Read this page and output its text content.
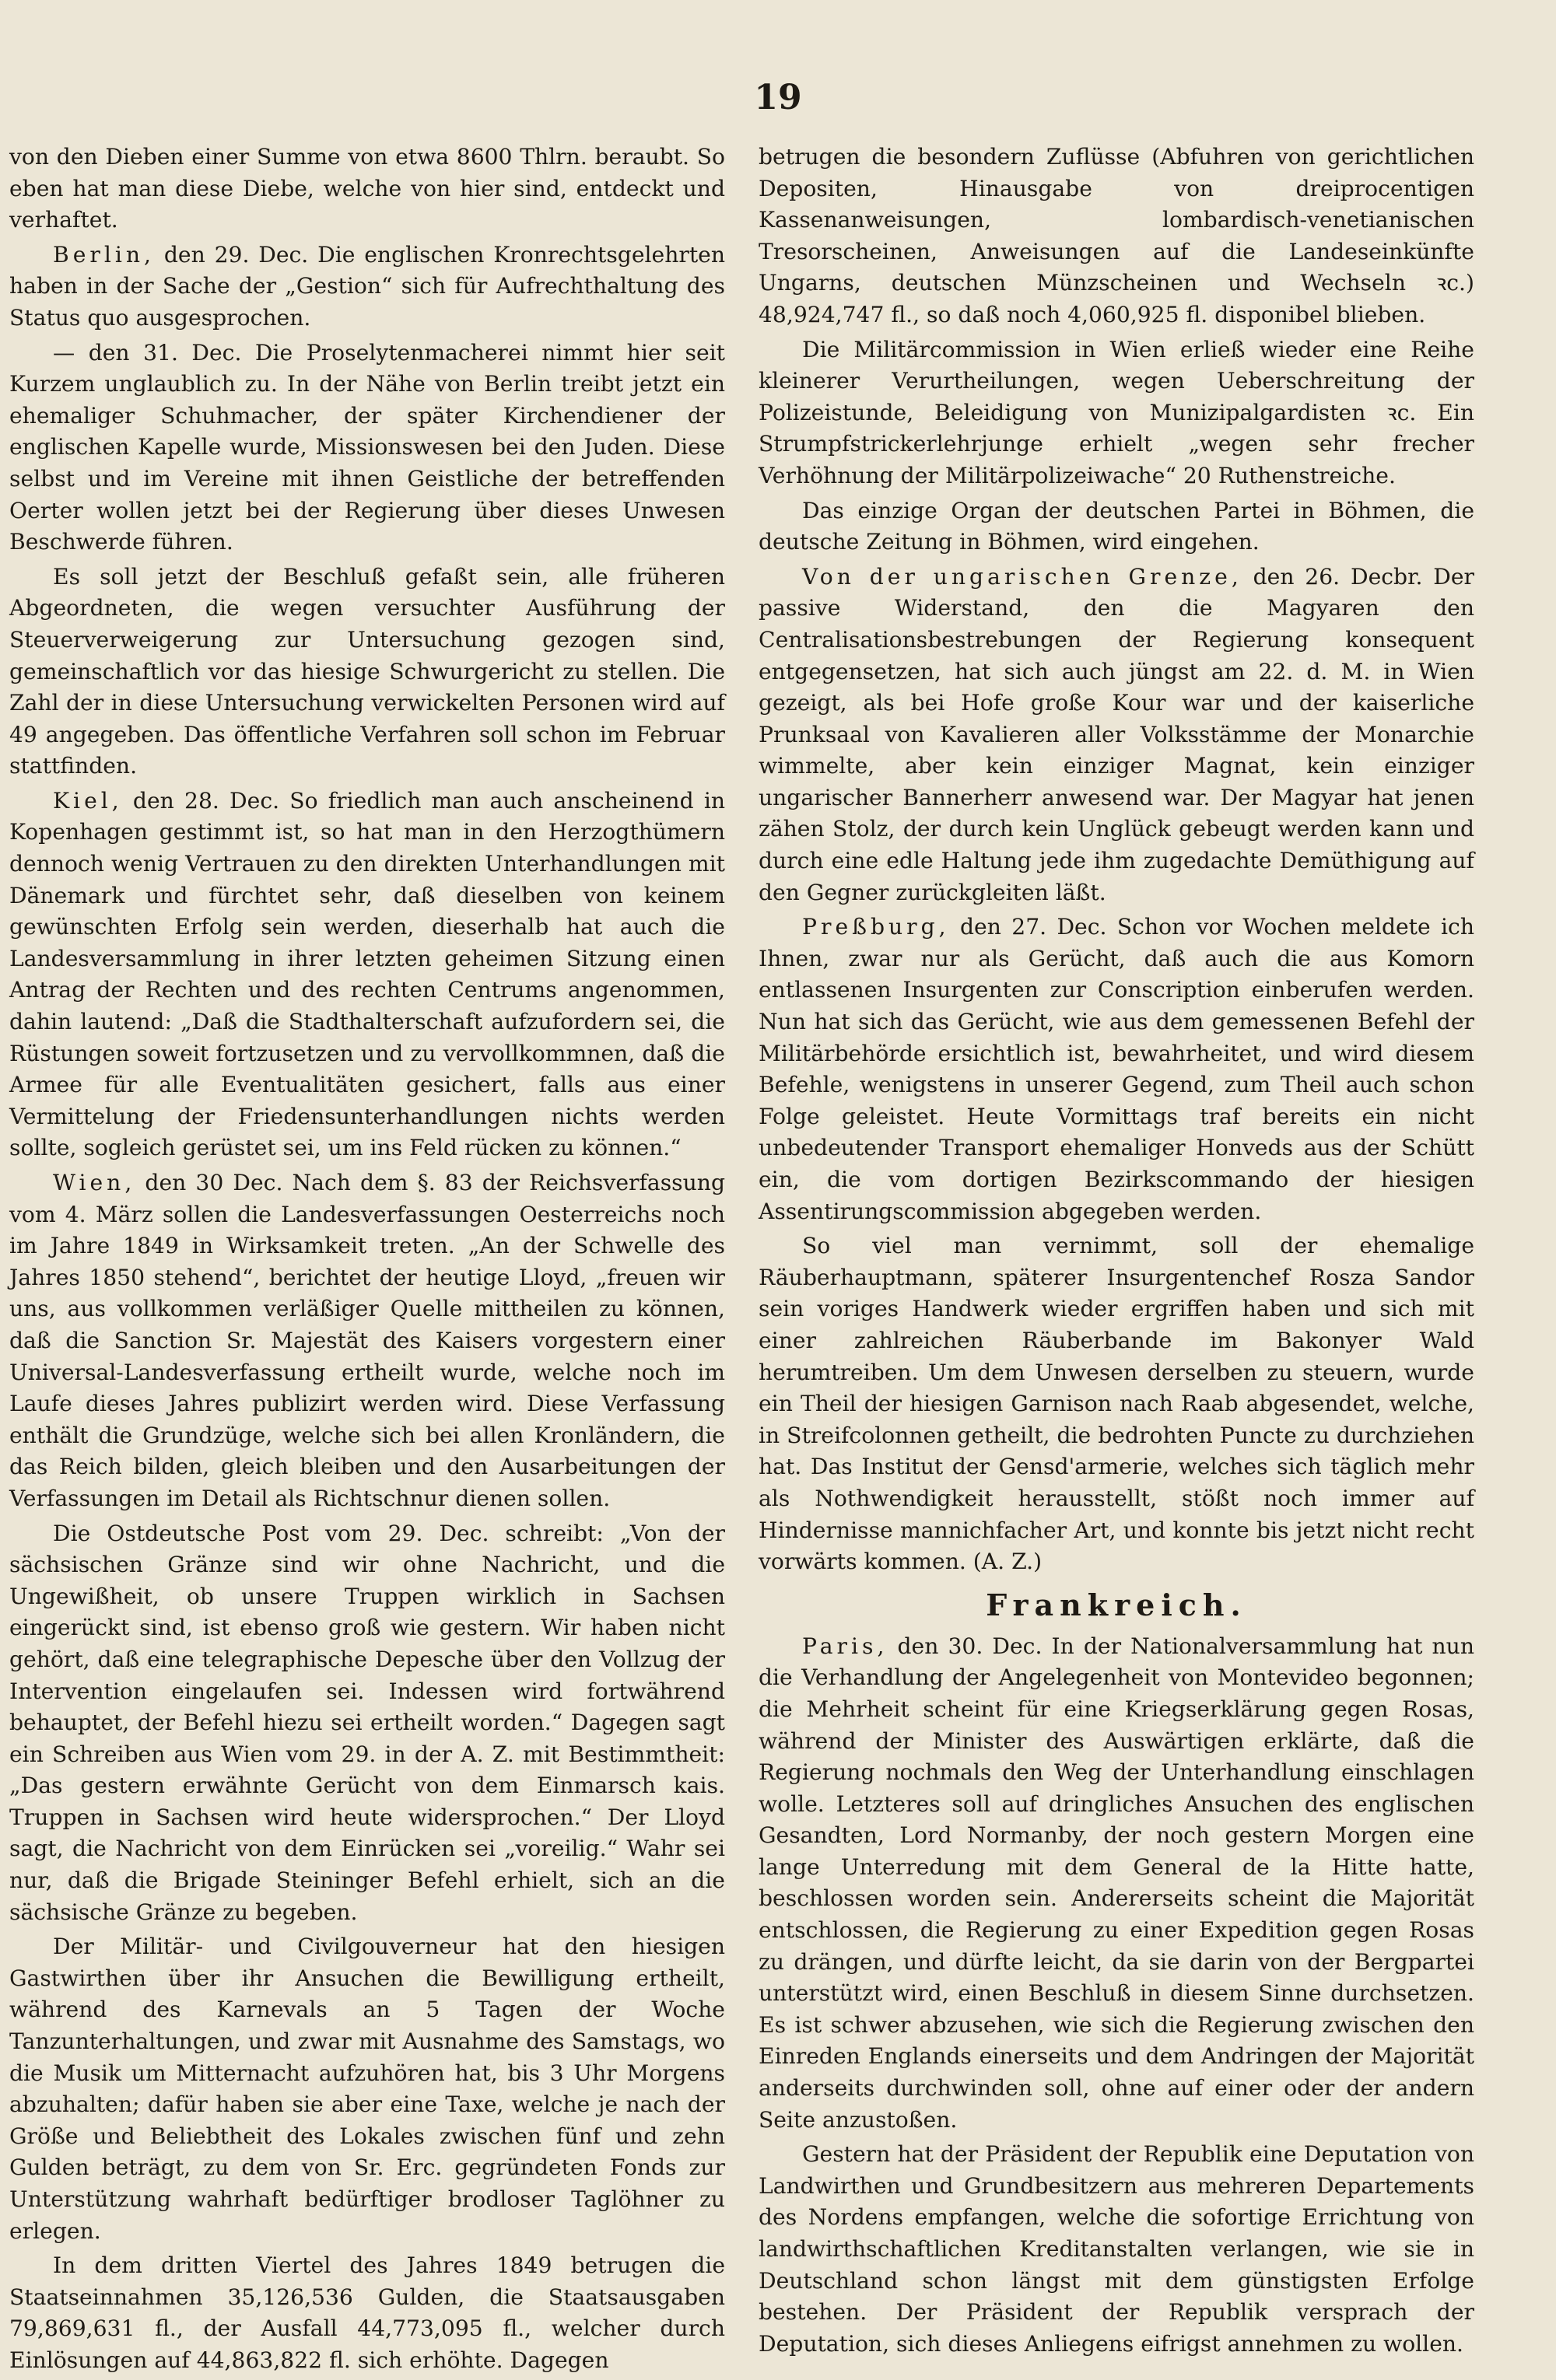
19

von den Dieben einer Summe von etwa 8600 Thlrn. beraubt. So eben hat man diese Diebe, welche von hier sind, entdeckt und verhaftet.

Berlin, den 29. Dec. Die englischen Kronrechtsgelehrten haben in der Sache der „Gestion“ sich für Aufrechthaltung des Status quo ausgesprochen.

— den 31. Dec. Die Proselytenmacherei nimmt hier seit Kurzem unglaublich zu. In der Nähe von Berlin treibt jetzt ein ehemaliger Schuhmacher, der später Kirchendiener der englischen Kapelle wurde, Missionswesen bei den Juden. Diese selbst und im Vereine mit ihnen Geistliche der betreffenden Oerter wollen jetzt bei der Regierung über dieses Unwesen Beschwerde führen.

Es soll jetzt der Beschluß gefaßt sein, alle früheren Abgeordneten, die wegen versuchter Ausführung der Steuerverweigerung zur Untersuchung gezogen sind, gemeinschaftlich vor das hiesige Schwurgericht zu stellen. Die Zahl der in diese Untersuchung verwickelten Personen wird auf 49 angegeben. Das öffentliche Verfahren soll schon im Februar stattfinden.

Kiel, den 28. Dec. So friedlich man auch anscheinend in Kopenhagen gestimmt ist, so hat man in den Herzogthümern dennoch wenig Vertrauen zu den direkten Unterhandlungen mit Dänemark und fürchtet sehr, daß dieselben von keinem gewünschten Erfolg sein werden, dieserhalb hat auch die Landesversammlung in ihrer letzten geheimen Sitzung einen Antrag der Rechten und des rechten Centrums angenommen, dahin lautend: „Daß die Stadthalterschaft aufzufordern sei, die Rüstungen soweit fortzusetzen und zu vervollkommnen, daß die Armee für alle Eventualitäten gesichert, falls aus einer Vermittelung der Friedensunterhandlungen nichts werden sollte, sogleich gerüstet sei, um ins Feld rücken zu können.“

Wien, den 30 Dec. Nach dem §. 83 der Reichsverfassung vom 4. März sollen die Landesverfassungen Oesterreichs noch im Jahre 1849 in Wirksamkeit treten. „An der Schwelle des Jahres 1850 stehend“, berichtet der heutige Lloyd, „freuen wir uns, aus vollkommen verläßiger Quelle mittheilen zu können, daß die Sanction Sr. Majestät des Kaisers vorgestern einer Universal-Landesverfassung ertheilt wurde, welche noch im Laufe dieses Jahres publizirt werden wird. Diese Verfassung enthält die Grundzüge, welche sich bei allen Kronländern, die das Reich bilden, gleich bleiben und den Ausarbeitungen der Verfassungen im Detail als Richtschnur dienen sollen.

Die Ostdeutsche Post vom 29. Dec. schreibt: „Von der sächsischen Gränze sind wir ohne Nachricht, und die Ungewißheit, ob unsere Truppen wirklich in Sachsen eingerückt sind, ist ebenso groß wie gestern. Wir haben nicht gehört, daß eine telegraphische Depesche über den Vollzug der Intervention eingelaufen sei. Indessen wird fortwährend behauptet, der Befehl hiezu sei ertheilt worden.“ Dagegen sagt ein Schreiben aus Wien vom 29. in der A. Z. mit Bestimmtheit: „Das gestern erwähnte Gerücht von dem Einmarsch kais. Truppen in Sachsen wird heute widersprochen.“ Der Lloyd sagt, die Nachricht von dem Einrücken sei „voreilig.“ Wahr sei nur, daß die Brigade Steininger Befehl erhielt, sich an die sächsische Gränze zu begeben.

Der Militär- und Civilgouverneur hat den hiesigen Gastwirthen über ihr Ansuchen die Bewilligung ertheilt, während des Karnevals an 5 Tagen der Woche Tanzunterhaltungen, und zwar mit Ausnahme des Samstags, wo die Musik um Mitternacht aufzuhören hat, bis 3 Uhr Morgens abzuhalten; dafür haben sie aber eine Taxe, welche je nach der Größe und Beliebtheit des Lokales zwischen fünf und zehn Gulden beträgt, zu dem von Sr. Erc. gegründeten Fonds zur Unterstützung wahrhaft bedürftiger brodloser Taglöhner zu erlegen.

In dem dritten Viertel des Jahres 1849 betrugen die Staatseinnahmen 35,126,536 Gulden, die Staatsausgaben 79,869,631 fl., der Ausfall 44,773,095 fl., welcher durch Einlösungen auf 44,863,822 fl. sich erhöhte. Dagegen

betrugen die besondern Zuflüsse (Abfuhren von gerichtlichen Depositen, Hinausgabe von dreiprocentigen Kassenanweisungen, lombardisch-venetianischen Tresorscheinen, Anweisungen auf die Landeseinkünfte Ungarns, deutschen Münzscheinen und Wechseln ꝛc.) 48,924,747 fl., so daß noch 4,060,925 fl. disponibel blieben.

Die Militärcommission in Wien erließ wieder eine Reihe kleinerer Verurtheilungen, wegen Ueberschreitung der Polizeistunde, Beleidigung von Munizipalgardisten ꝛc. Ein Strumpfstrickerlehrjunge erhielt „wegen sehr frecher Verhöhnung der Militärpolizeiwache“ 20 Ruthenstreiche.

Das einzige Organ der deutschen Partei in Böhmen, die deutsche Zeitung in Böhmen, wird eingehen.

Von der ungarischen Grenze, den 26. Decbr. Der passive Widerstand, den die Magyaren den Centralisationsbestrebungen der Regierung konsequent entgegensetzen, hat sich auch jüngst am 22. d. M. in Wien gezeigt, als bei Hofe große Kour war und der kaiserliche Prunksaal von Kavalieren aller Volksstämme der Monarchie wimmelte, aber kein einziger Magnat, kein einziger ungarischer Bannerherr anwesend war. Der Magyar hat jenen zähen Stolz, der durch kein Unglück gebeugt werden kann und durch eine edle Haltung jede ihm zugedachte Demüthigung auf den Gegner zurückgleiten läßt.

Preßburg, den 27. Dec. Schon vor Wochen meldete ich Ihnen, zwar nur als Gerücht, daß auch die aus Komorn entlassenen Insurgenten zur Conscription einberufen werden. Nun hat sich das Gerücht, wie aus dem gemessenen Befehl der Militärbehörde ersichtlich ist, bewahrheitet, und wird diesem Befehle, wenigstens in unserer Gegend, zum Theil auch schon Folge geleistet. Heute Vormittags traf bereits ein nicht unbedeutender Transport ehemaliger Honveds aus der Schütt ein, die vom dortigen Bezirkscommando der hiesigen Assentirungscommission abgegeben werden.

So viel man vernimmt, soll der ehemalige Räuberhauptmann, späterer Insurgentenchef Rosza Sandor sein voriges Handwerk wieder ergriffen haben und sich mit einer zahlreichen Räuberbande im Bakonyer Wald herumtreiben. Um dem Unwesen derselben zu steuern, wurde ein Theil der hiesigen Garnison nach Raab abgesendet, welche, in Streifcolonnen getheilt, die bedrohten Puncte zu durchziehen hat. Das Institut der Gensd'armerie, welches sich täglich mehr als Nothwendigkeit herausstellt, stößt noch immer auf Hindernisse mannichfacher Art, und konnte bis jetzt nicht recht vorwärts kommen. (A. Z.)

Frankreich.

Paris, den 30. Dec. In der Nationalversammlung hat nun die Verhandlung der Angelegenheit von Montevideo begonnen; die Mehrheit scheint für eine Kriegserklärung gegen Rosas, während der Minister des Auswärtigen erklärte, daß die Regierung nochmals den Weg der Unterhandlung einschlagen wolle. Letzteres soll auf dringliches Ansuchen des englischen Gesandten, Lord Normanby, der noch gestern Morgen eine lange Unterredung mit dem General de la Hitte hatte, beschlossen worden sein. Andererseits scheint die Majorität entschlossen, die Regierung zu einer Expedition gegen Rosas zu drängen, und dürfte leicht, da sie darin von der Bergpartei unterstützt wird, einen Beschluß in diesem Sinne durchsetzen. Es ist schwer abzusehen, wie sich die Regierung zwischen den Einreden Englands einerseits und dem Andringen der Majorität anderseits durchwinden soll, ohne auf einer oder der andern Seite anzustoßen.

Gestern hat der Präsident der Republik eine Deputation von Landwirthen und Grundbesitzern aus mehreren Departements des Nordens empfangen, welche die sofortige Errichtung von landwirthschaftlichen Kreditanstalten verlangen, wie sie in Deutschland schon längst mit dem günstigsten Erfolge bestehen. Der Präsident der Republik versprach der Deputation, sich dieses Anliegens eifrigst annehmen zu wollen.
